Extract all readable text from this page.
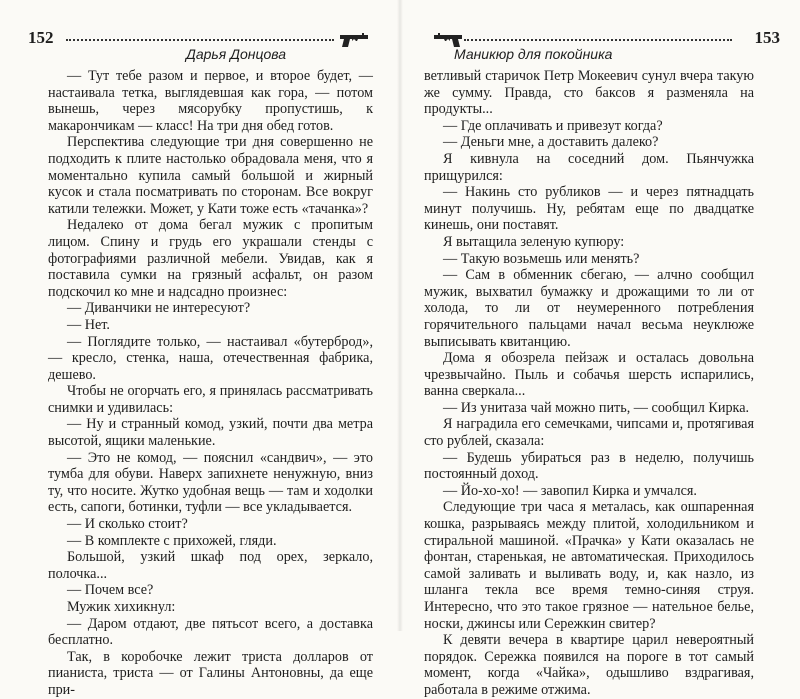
152
Дарья Донцова

— Тут тебе разом и первое, и второе будет, — настаивала тетка, выглядевшая как гора, — потом вынешь, через мясорубку пропустишь, к макарончикам — класс! На три дня обед готов.

Перспектива следующие три дня совершенно не подходить к плите настолько обрадовала меня, что я моментально купила самый большой и жирный кусок и стала посматривать по сторонам. Все вокруг катили тележки. Может, у Кати тоже есть «тачанка»?

Недалеко от дома бегал мужик с пропитым лицом. Спину и грудь его украшали стенды с фотографиями различной мебели. Увидав, как я поставила сумки на грязный асфальт, он разом подскочил ко мне и надсадно произнес:

— Диванчики не интересуют?

— Нет.

— Поглядите только, — настаивал «бутерброд», — кресло, стенка, наша, отечественная фабрика, дешево.

Чтобы не огорчать его, я принялась рассматривать снимки и удивилась:

— Ну и странный комод, узкий, почти два метра высотой, ящики маленькие.

— Это не комод, — пояснил «сандвич», — это тумба для обуви. Наверх запихнете ненужную, вниз ту, что носите. Жутко удобная вещь — там и ходолки есть, сапоги, ботинки, туфли — все укладывается.

— И сколько стоит?

— В комплекте с прихожей, гляди.

Большой, узкий шкаф под орех, зеркало, полочка...

— Почем все?

Мужик хихикнул:

— Даром отдают, две пятьсот всего, а доставка бесплатно.

Так, в коробочке лежит триста долларов от пианиста, триста — от Галины Антоновны, да еще при-

Маникюр для покойника
153

ветливый старичок Петр Мокеевич сунул вчера такую же сумму. Правда, сто баксов я разменяла на продукты...

— Где оплачивать и привезут когда?

— Деньги мне, а доставить далеко?

Я кивнула на соседний дом. Пьянчужка прищурился:

— Накинь сто рубликов — и через пятнадцать минут получишь. Ну, ребятам еще по двадцатке кинешь, они поставят.

Я вытащила зеленую купюру:

— Такую возьмешь или менять?

— Сам в обменник сбегаю, — алчно сообщил мужик, выхватил бумажку и дрожащими то ли от холода, то ли от неумеренного потребления горячительного пальцами начал весьма неуклюже выписывать квитанцию.

Дома я обозрела пейзаж и осталась довольна чрезвычайно. Пыль и собачья шерсть испарились, ванна сверкала...

— Из унитаза чай можно пить, — сообщил Кирка.

Я наградила его семечками, чипсами и, протягивая сто рублей, сказала:

— Будешь убираться раз в неделю, получишь постоянный доход.

— Йо-хо-хо! — завопил Кирка и умчался.

Следующие три часа я металась, как ошпаренная кошка, разрываясь между плитой, холодильником и стиральной машиной. «Прачка» у Кати оказалась не фонтан, старенькая, не автоматическая. Приходилось самой заливать и выливать воду, и, как назло, из шланга текла все время темно-синяя струя. Интересно, что это такое грязное — нательное белье, носки, джинсы или Сережкин свитер?

К девяти вечера в квартире царил невероятный порядок. Сережка появился на пороге в тот самый момент, когда «Чайка», одышливо вздрагивая, работала в режиме отжима.
